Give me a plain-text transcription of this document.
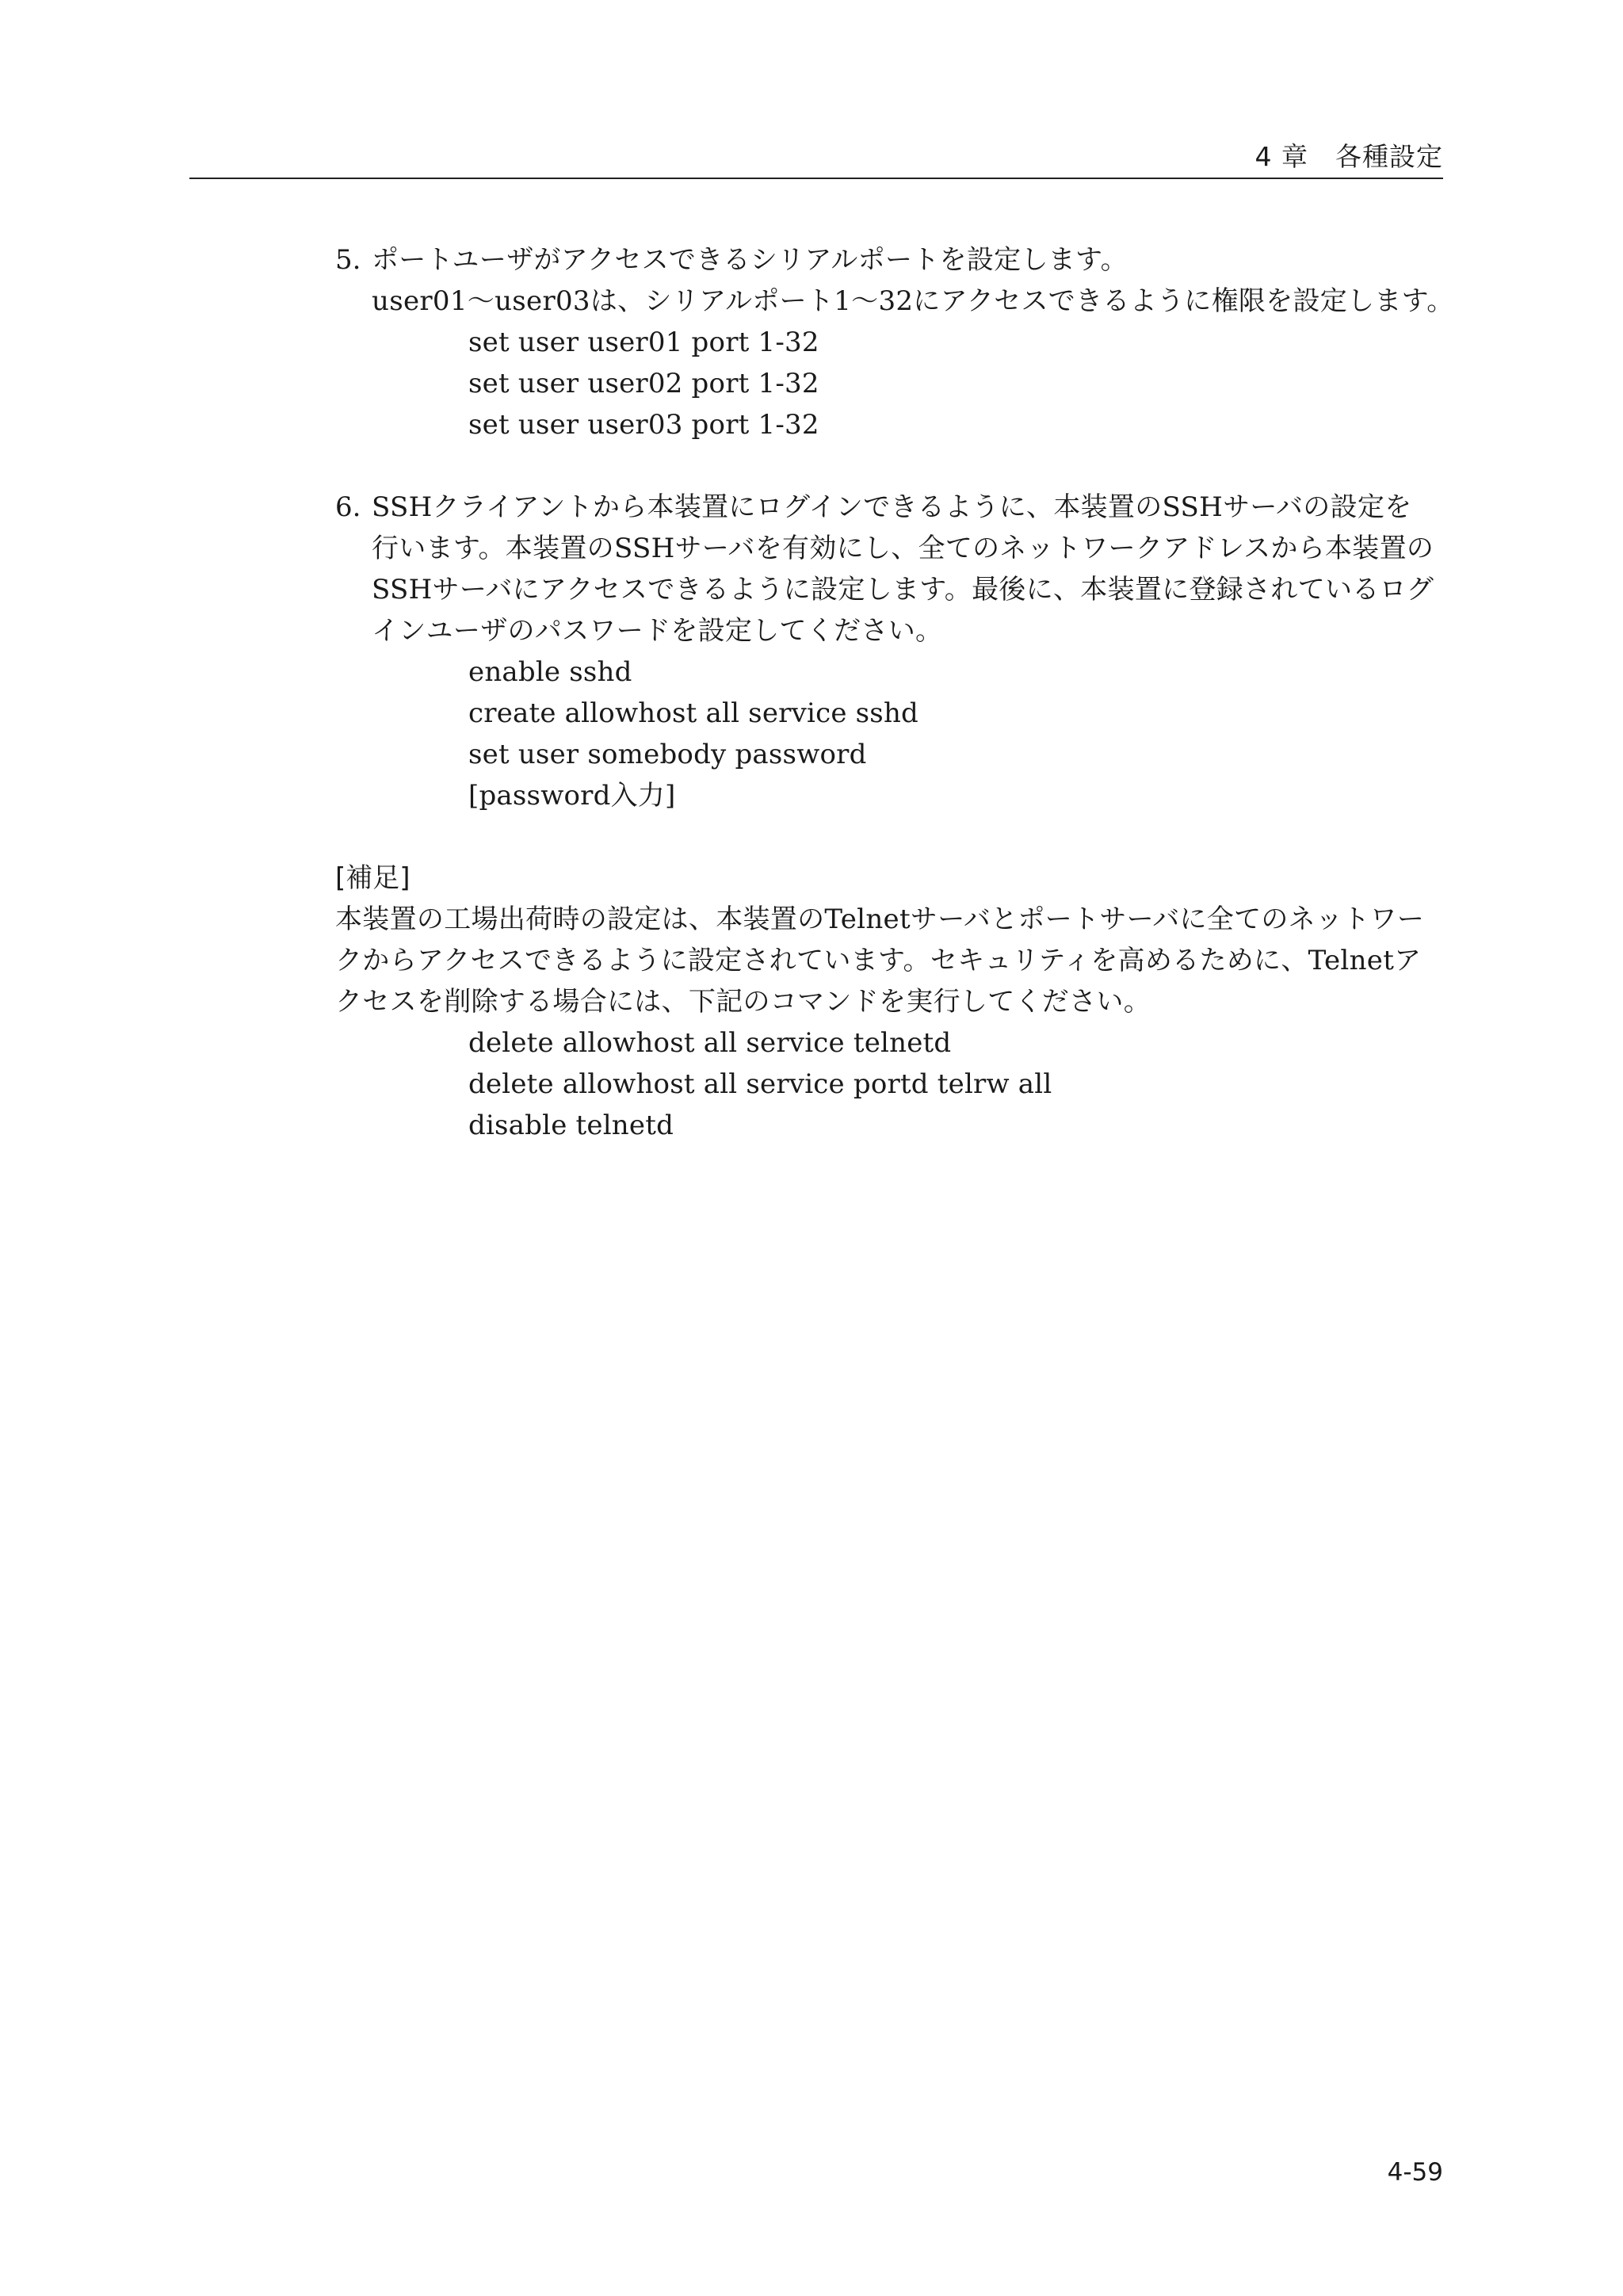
4 章　各種設定
5. ポートユーザがアクセスできるシリアルポートを設定します。
user01～user03は、シリアルポート1～32にアクセスできるように権限を設定します。
set user user01 port 1-32
set user user02 port 1-32
set user user03 port 1-32
6. SSHクライアントから本装置にログインできるように、本装置のSSHサーバの設定を
行います。本装置のSSHサーバを有効にし、全てのネットワークアドレスから本装置の
SSHサーバにアクセスできるように設定します。最後に、本装置に登録されているログ
インユーザのパスワードを設定してください。
enable sshd
create allowhost all service sshd
set user somebody password
[password入力]
[補足]
本装置の工場出荷時の設定は、本装置のTelnetサーバとポートサーバに全てのネットワー
クからアクセスできるように設定されています。セキュリティを高めるために、Telnetア
クセスを削除する場合には、下記のコマンドを実行してください。
delete allowhost all service telnetd
delete allowhost all service portd telrw all
disable telnetd
4-59
